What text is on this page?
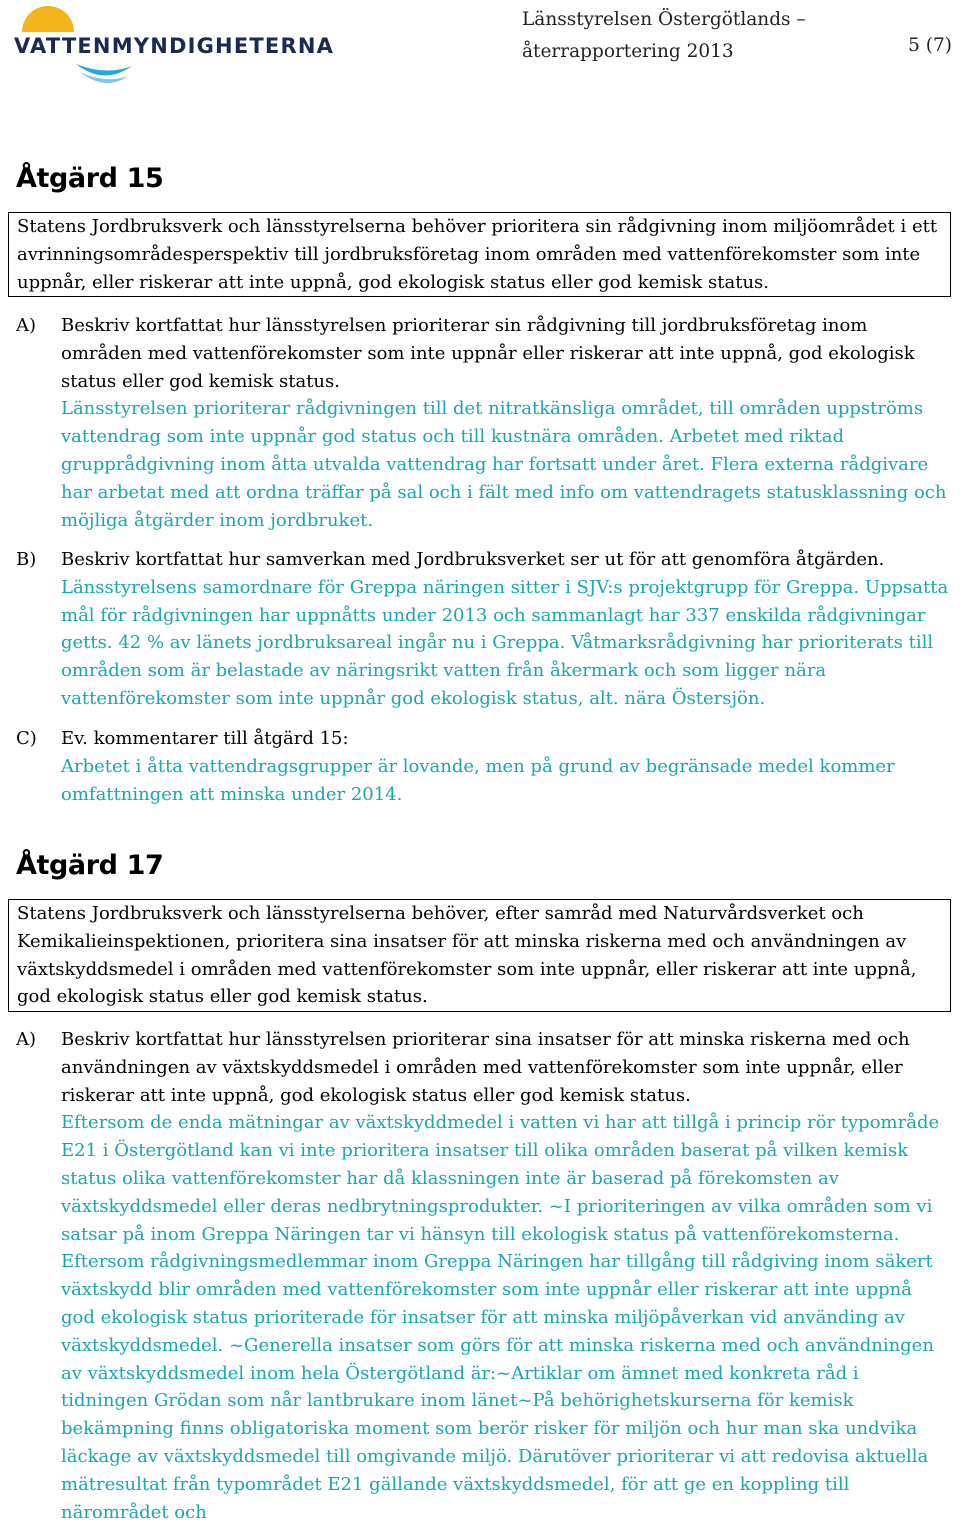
VATTENMYNDIGHETERNA
Länsstyrelsen Östergötlands –
återrapportering 2013	5 (7)
Åtgärd 15
Statens Jordbruksverk och länsstyrelserna behöver prioritera sin rådgivning inom miljöområdet i ett avrinningsområdesperspektiv till jordbruksföretag inom områden med vattenförekomster som inte uppnår, eller riskerar att inte uppnå, god ekologisk status eller god kemisk status.
A) Beskriv kortfattat hur länsstyrelsen prioriterar sin rådgivning till jordbruksföretag inom områden med vattenförekomster som inte uppnår eller riskerar att inte uppnå, god ekologisk status eller god kemisk status.
Länsstyrelsen prioriterar rådgivningen till det nitratkänsliga området, till områden uppströms vattendrag som inte uppnår god status och till kustnära områden. Arbetet med riktad grupprådgivning inom åtta utvalda vattendrag har fortsatt under året. Flera externa rådgivare har arbetat med att ordna träffar på sal och i fält med info om vattendragets statusklassning och möjliga åtgärder inom jordbruket.
B) Beskriv kortfattat hur samverkan med Jordbruksverket ser ut för att genomföra åtgärden.
Länsstyrelsens samordnare för Greppa näringen sitter i SJV:s projektgrupp för Greppa. Uppsatta mål för rådgivningen har uppnåtts under 2013 och sammanlagt har 337 enskilda rådgivningar getts. 42 % av länets jordbruksareal ingår nu i Greppa. Våtmarksrådgivning har prioriterats till områden som är belastade av näringsrikt vatten från åkermark och som ligger nära vattenförekomster som inte uppnår god ekologisk status, alt. nära Östersjön.
C) Ev. kommentarer till åtgärd 15:
Arbetet i åtta vattendragsgrupper är lovande, men på grund av begränsade medel kommer omfattningen att minska under 2014.
Åtgärd 17
Statens Jordbruksverk och länsstyrelserna behöver, efter samråd med Naturvårdsverket och Kemikalieinspektionen, prioritera sina insatser för att minska riskerna med och användningen av växtskyddsmedel i områden med vattenförekomster som inte uppnår, eller riskerar att inte uppnå, god ekologisk status eller god kemisk status.
A) Beskriv kortfattat hur länsstyrelsen prioriterar sina insatser för att minska riskerna med och användningen av växtskyddsmedel i områden med vattenförekomster som inte uppnår, eller riskerar att inte uppnå, god ekologisk status eller god kemisk status.
Eftersom de enda mätningar av växtskyddmedel i vatten vi har att tillgå i princip rör typområde E21 i Östergötland kan vi inte prioritera insatser till olika områden baserat på vilken kemisk status olika vattenförekomster har då klassningen inte är baserad på förekomsten av växtskyddsmedel eller deras nedbrytningsprodukter. ~I prioriteringen av vilka områden som vi satsar på inom Greppa Näringen tar vi hänsyn till ekologisk status på vattenförekomsterna. Eftersom rådgivningsmedlemmar inom Greppa Näringen har tillgång till rådgiving inom säkert växtskydd blir områden med vattenförekomster som inte uppnår eller riskerar att inte uppnå god ekologisk status prioriterade för insatser för att minska miljöpåverkan vid använding av växtskyddsmedel. ~Generella insatser som görs för att minska riskerna med och användningen av växtskyddsmedel inom hela Östergötland är:~Artiklar om ämnet med konkreta råd i tidningen Grödan som når lantbrukare inom länet~På behörighetskurserna för kemisk bekämpning finns obligatoriska moment som berör risker för miljön och hur man ska undvika läckage av växtskyddsmedel till omgivande miljö. Därutöver prioriterar vi att redovisa aktuella mätresultat från typområdet E21 gällande växtskyddsmedel, för att ge en koppling till närområdet och
